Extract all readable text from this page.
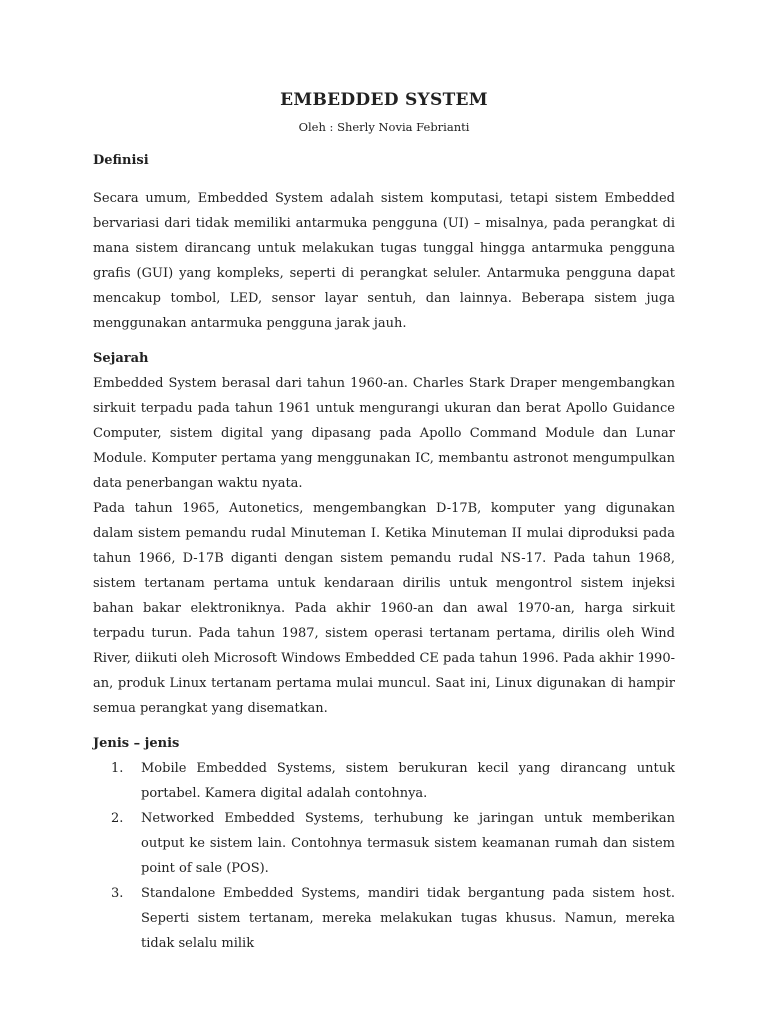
EMBEDDED SYSTEM

Oleh : Sherly Novia Febrianti

Definisi

Secara umum, Embedded System adalah sistem komputasi, tetapi sistem Embedded bervariasi dari tidak memiliki antarmuka pengguna (UI) – misalnya, pada perangkat di mana sistem dirancang untuk melakukan tugas tunggal hingga antarmuka pengguna grafis (GUI) yang kompleks, seperti di perangkat seluler. Antarmuka pengguna dapat mencakup tombol, LED, sensor layar sentuh, dan lainnya. Beberapa sistem juga menggunakan antarmuka pengguna jarak jauh.

Sejarah

Embedded System berasal dari tahun 1960-an. Charles Stark Draper mengembangkan sirkuit terpadu pada tahun 1961 untuk mengurangi ukuran dan berat Apollo Guidance Computer, sistem digital yang dipasang pada Apollo Command Module dan Lunar Module. Komputer pertama yang menggunakan IC, membantu astronot mengumpulkan data penerbangan waktu nyata.

Pada tahun 1965, Autonetics, mengembangkan D-17B, komputer yang digunakan dalam sistem pemandu rudal Minuteman I. Ketika Minuteman II mulai diproduksi pada tahun 1966, D-17B diganti dengan sistem pemandu rudal NS-17. Pada tahun 1968, sistem tertanam pertama untuk kendaraan dirilis untuk mengontrol sistem injeksi bahan bakar elektroniknya. Pada akhir 1960-an dan awal 1970-an, harga sirkuit terpadu turun. Pada tahun 1987, sistem operasi tertanam pertama, dirilis oleh Wind River, diikuti oleh Microsoft Windows Embedded CE pada tahun 1996. Pada akhir 1990-an, produk Linux tertanam pertama mulai muncul. Saat ini, Linux digunakan di hampir semua perangkat yang disematkan.

Jenis – jenis
1.	Mobile Embedded Systems, sistem berukuran kecil yang dirancang untuk portabel. Kamera digital adalah contohnya.
2.	Networked Embedded Systems, terhubung ke jaringan untuk memberikan output ke sistem lain. Contohnya termasuk sistem keamanan rumah dan sistem point of sale (POS).
3.	Standalone Embedded Systems, mandiri tidak bergantung pada sistem host. Seperti sistem tertanam, mereka melakukan tugas khusus. Namun, mereka tidak selalu milik
